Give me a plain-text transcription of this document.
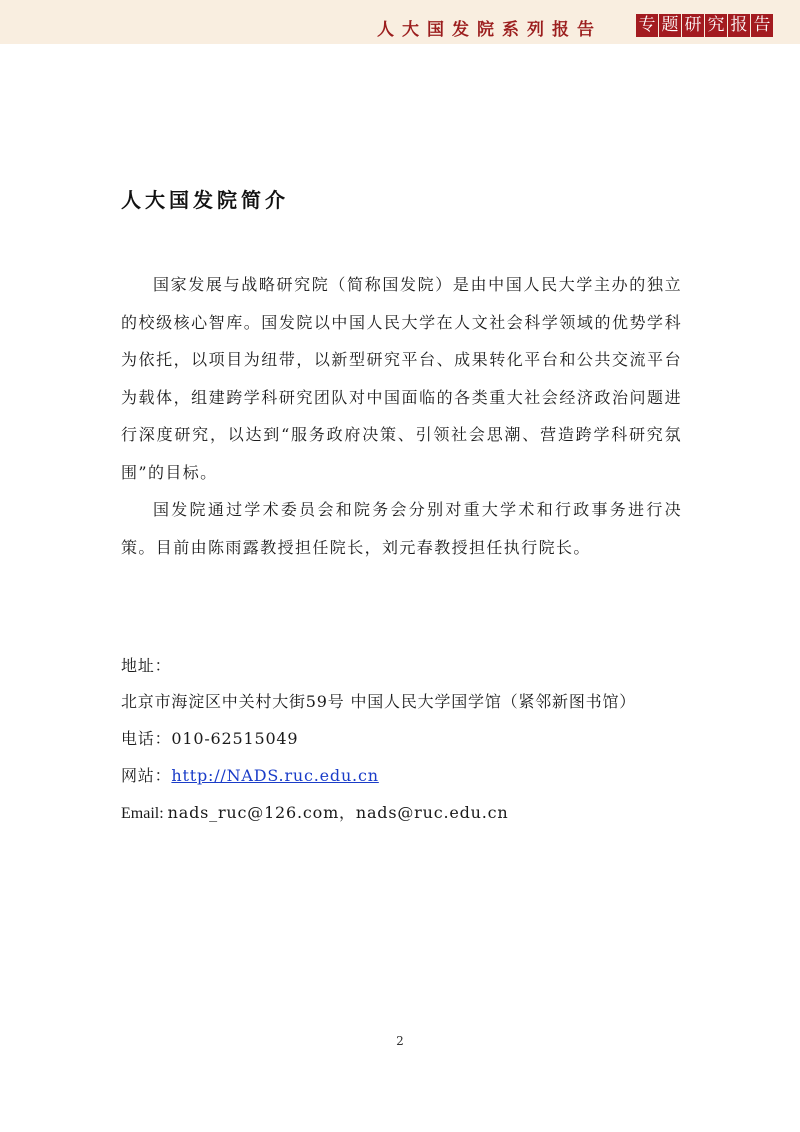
人大国发院系列报告 专 题 研 究 报 告
人大国发院简介

国家发展与战略研究院（简称国发院）是由中国人民大学主办的独立的校级核心智库。国发院以中国人民大学在人文社会科学领域的优势学科为依托，以项目为纽带，以新型研究平台、成果转化平台和公共交流平台为载体，组建跨学科研究团队对中国面临的各类重大社会经济政治问题进行深度研究，以达到“服务政府决策、引领社会思潮、营造跨学科研究氛围”的目标。

国发院通过学术委员会和院务会分别对重大学术和行政事务进行决策。目前由陈雨露教授担任院长，刘元春教授担任执行院长。

地址：北京市海淀区中关村大街59号 中国人民大学国学馆（紧邻新图书馆）
电话：010-62515049
网站：http://NADS.ruc.edu.cn
Email: nads_ruc@126.com，nads@ruc.edu.cn
2
